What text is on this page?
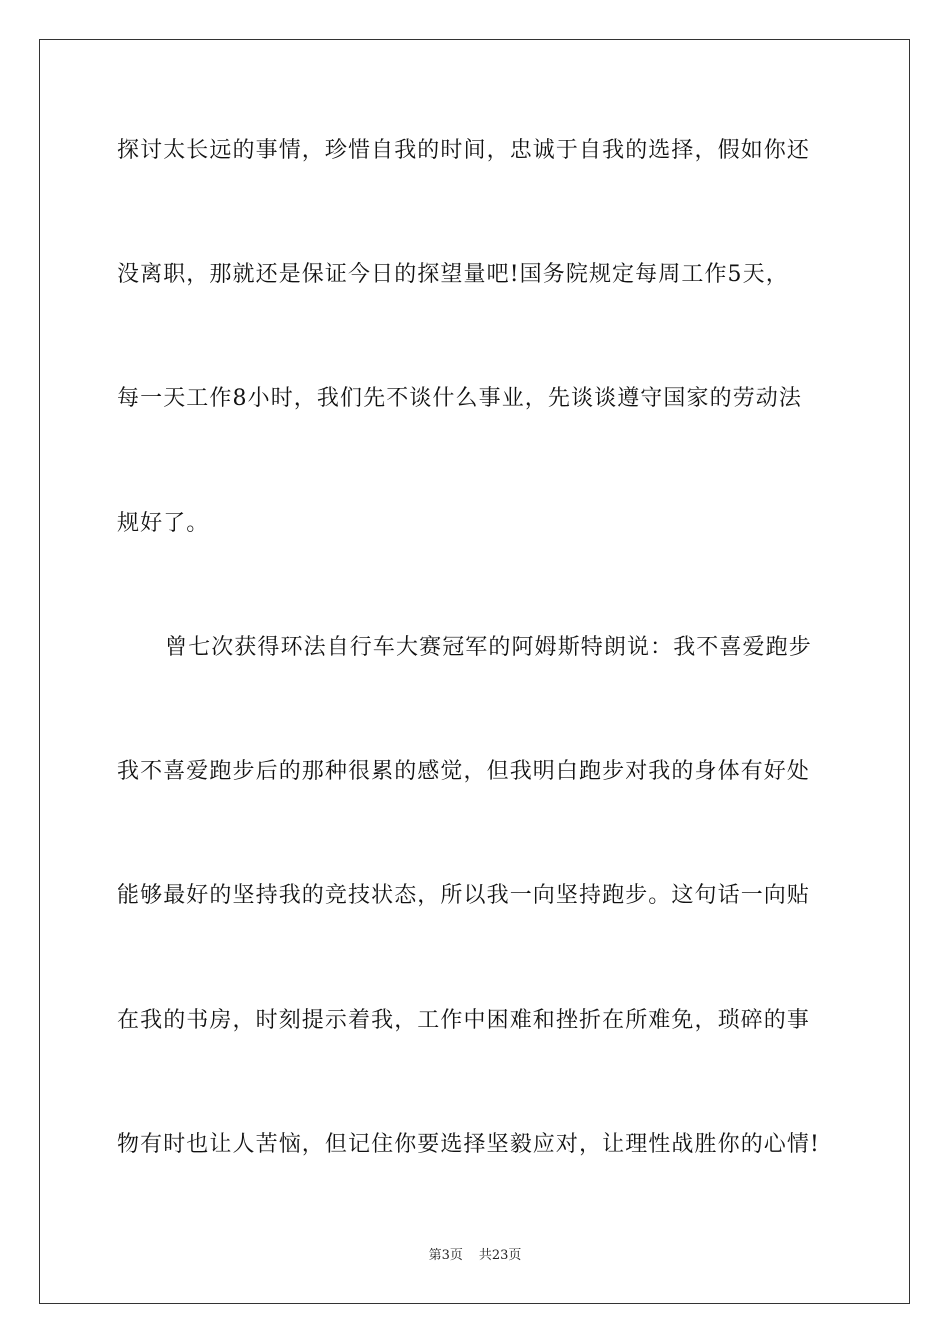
探讨太长远的事情，珍惜自我的时间，忠诚于自我的选择，假如你还
没离职，那就还是保证今日的探望量吧!国务院规定每周工作5天，
每一天工作8小时，我们先不谈什么事业，先谈谈遵守国家的劳动法
规好了。
曾七次获得环法自行车大赛冠军的阿姆斯特朗说：我不喜爱跑步
我不喜爱跑步后的那种很累的感觉，但我明白跑步对我的身体有好处
能够最好的坚持我的竞技状态，所以我一向坚持跑步。这句话一向贴
在我的书房，时刻提示着我，工作中困难和挫折在所难免，琐碎的事
物有时也让人苦恼，但记住你要选择坚毅应对，让理性战胜你的心情!
第3页 共23页
